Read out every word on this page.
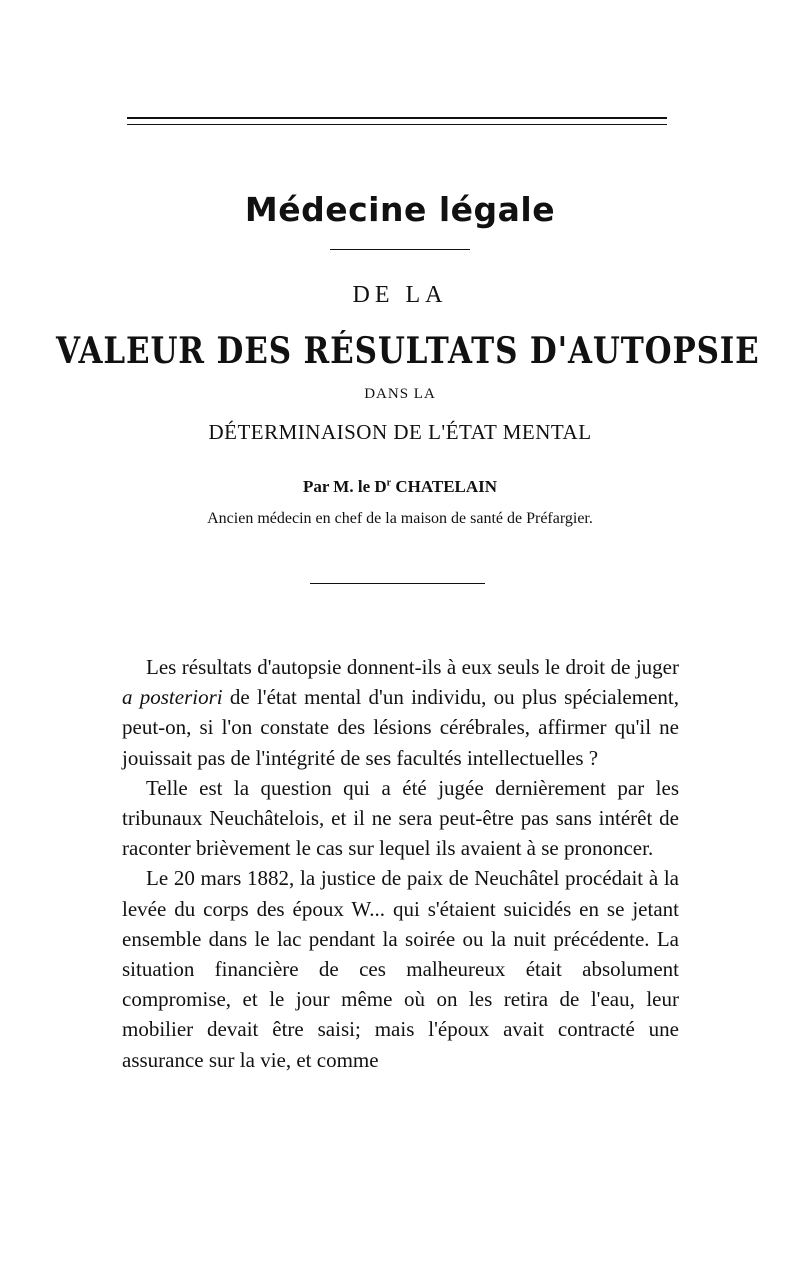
Médecine légale
DE LA
VALEUR DES RÉSULTATS D'AUTOPSIE
DANS LA
DÉTERMINAISON DE L'ÉTAT MENTAL
Par M. le $D^r$ CHATELAIN
Ancien médecin en chef de la maison de santé de Préfargier.

Les résultats d'autopsie donnent-ils à eux seuls le droit de juger a posteriori de l'état mental d'un individu, ou plus spécialement, peut-on, si l'on constate des lésions cérébrales, affirmer qu'il ne jouissait pas de l'intégrité de ses facultés intellectuelles ?

Telle est la question qui a été jugée dernièrement par les tribunaux Neuchâtelois, et il ne sera peut-être pas sans intérêt de raconter brièvement le cas sur lequel ils avaient à se prononcer.

Le 20 mars 1882, la justice de paix de Neuchâtel procédait à la levée du corps des époux W... qui s'étaient suicidés en se jetant ensemble dans le lac pendant la soirée ou la nuit précédente. La situation financière de ces malheureux était absolument compromise, et le jour même où on les retira de l'eau, leur mobilier devait être saisi; mais l'époux avait contracté une assurance sur la vie, et comme
